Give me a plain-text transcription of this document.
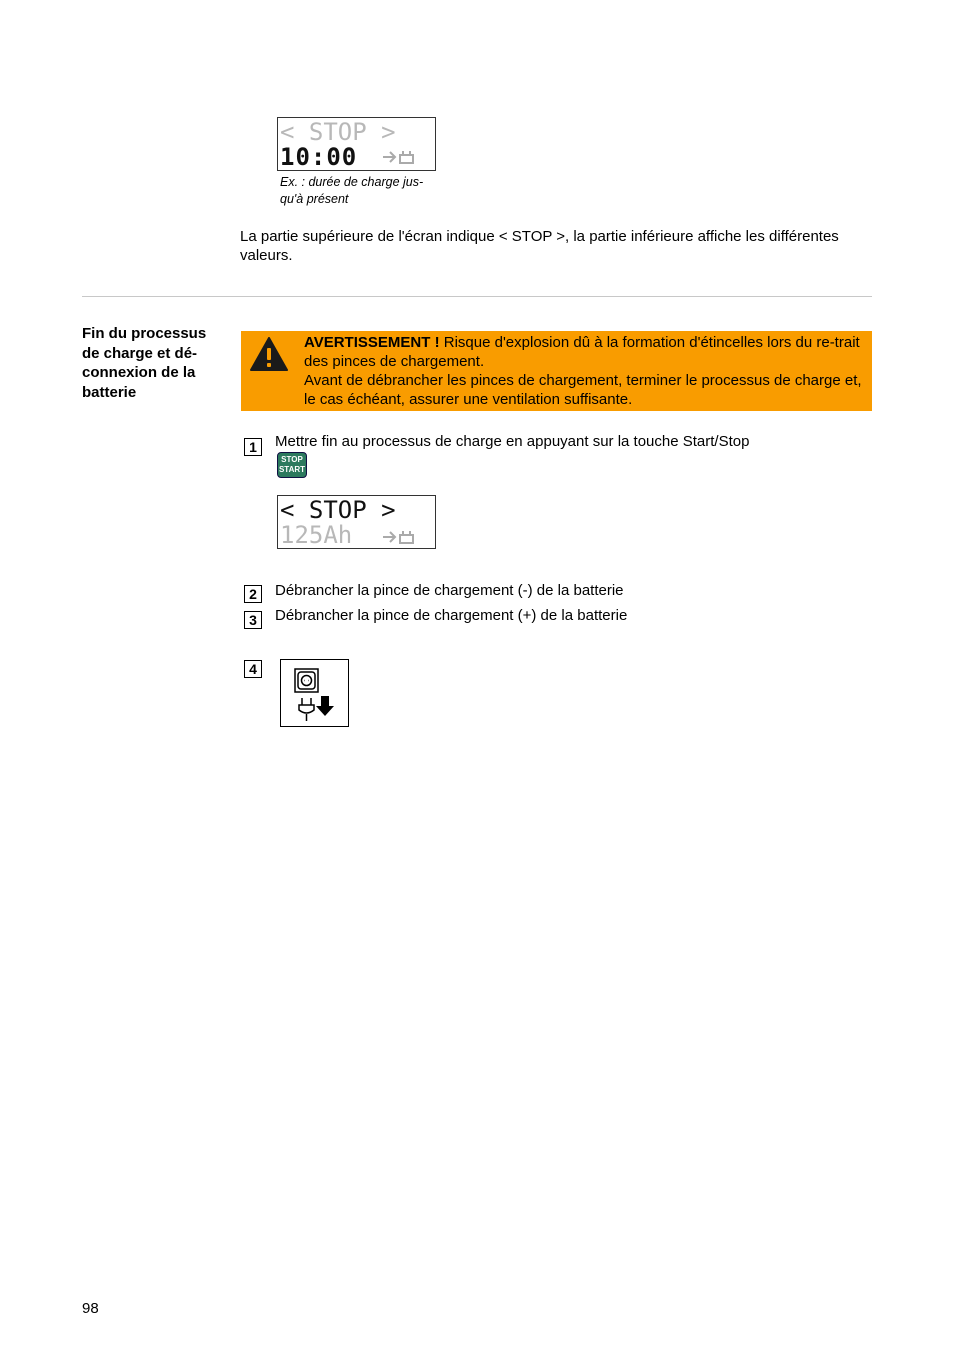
< STOP >
10:00
Ex. : durée de charge jus-qu'à présent
La partie supérieure de l'écran indique < STOP >, la partie inférieure affiche les différentes valeurs.
Fin du processus de charge et dé-connexion de la batterie
AVERTISSEMENT ! Risque d'explosion dû à la formation d'étincelles lors du re-trait des pinces de chargement.
Avant de débrancher les pinces de chargement, terminer le processus de charge et, le cas échéant, assurer une ventilation suffisante.
1	Mettre fin au processus de charge en appuyant sur la touche Start/Stop
STOP
START
< STOP >
125Ah
2	Débrancher la pince de chargement (-) de la batterie
3	Débrancher la pince de chargement (+) de la batterie
4
98
